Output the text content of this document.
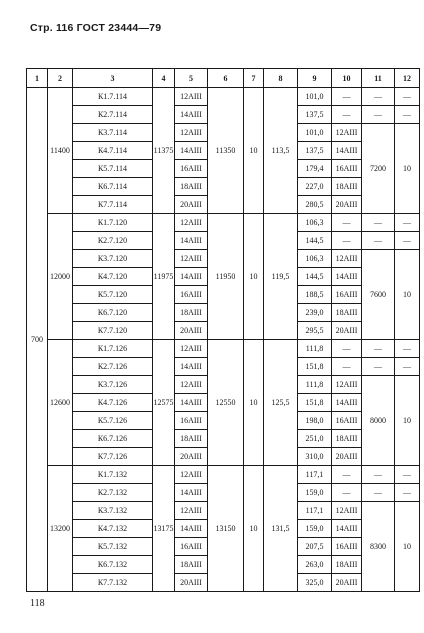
Стр. 116 ГОСТ 23444—79
1	2	3	4	5	6	7	8	9	10	11	12
700	11400	К1.7.114	11375	12АIII	11350	10	113,5	101,0	—	—	—
		К2.7.114		14АIII				137,5	—	—	—
		К3.7.114		12АIII				101,0	12АIII	7200	10
		К4.7.114		14АIII				137,5	14АIII		
		К5.7.114		16АIII				179,4	16АIII		
		К6.7.114		18АIII				227,0	18АIII		
		К7.7.114		20АIII				280,5	20АIII		
	12000	К1.7.120	11975	12АIII	11950	10	119,5	106,3	—	—	—
		К2.7.120		14АIII				144,5	—	—	—
		К3.7.120		12АIII				106,3	12АIII	7600	10
		К4.7.120		14АIII				144,5	14АIII		
		К5.7.120		16АIII				188,5	16АIII		
		К6.7.120		18АIII				239,0	18АIII		
		К7.7.120		20АIII				295,5	20АIII		
	12600	К1.7.126	12575	12АIII	12550	10	125,5	111,8	—	—	—
		К2.7.126		14АIII				151,8	—	—	—
		К3.7.126		12АIII				111,8	12АIII	8000	10
		К4.7.126		14АIII				151,8	14АIII		
		К5.7.126		16АIII				198,0	16АIII		
		К6.7.126		18АIII				251,0	18АIII		
		К7.7.126		20АIII				310,0	20АIII		
	13200	К1.7.132	13175	12АIII	13150	10	131,5	117,1	—	—	—
		К2.7.132		14АIII				159,0	—	—	—
		К3.7.132		12АIII				117,1	12АIII	8300	10
		К4.7.132		14АIII				159,0	14АIII		
		К5.7.132		16АIII				207,5	16АIII		
		К6.7.132		18АIII				263,0	18АIII		
		К7.7.132		20АIII				325,0	20АIII		
118
